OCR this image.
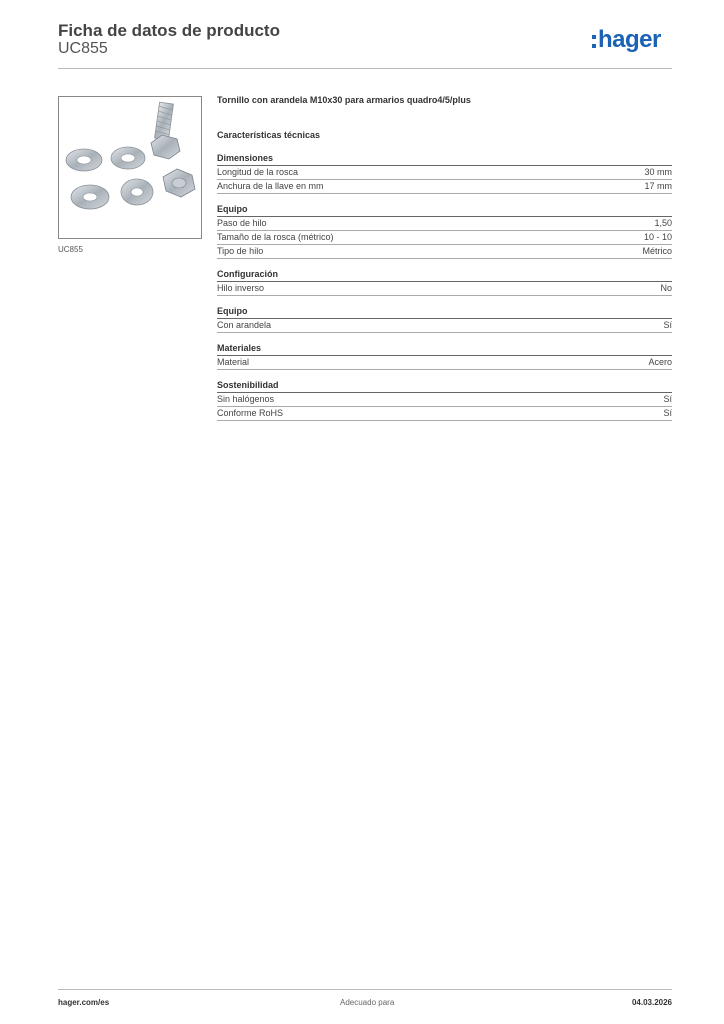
Ficha de datos de producto
UC855	hager
UC855
Tornillo con arandela M10x30 para armarios quadro4/5/plus
Características técnicas
Dimensiones
Longitud de la rosca	30 mm
Anchura de la llave en mm	17 mm
Equipo
Paso de hilo	1,50
Tamaño de la rosca (métrico)	10 - 10
Tipo de hilo	Métrico
Configuración
Hilo inverso	No
Equipo
Con arandela	Sí
Materiales
Material	Acero
Sostenibilidad
Sin halógenos	Sí
Conforme RoHS	Sí
hager.com/es	Adecuado para	04.03.2026
